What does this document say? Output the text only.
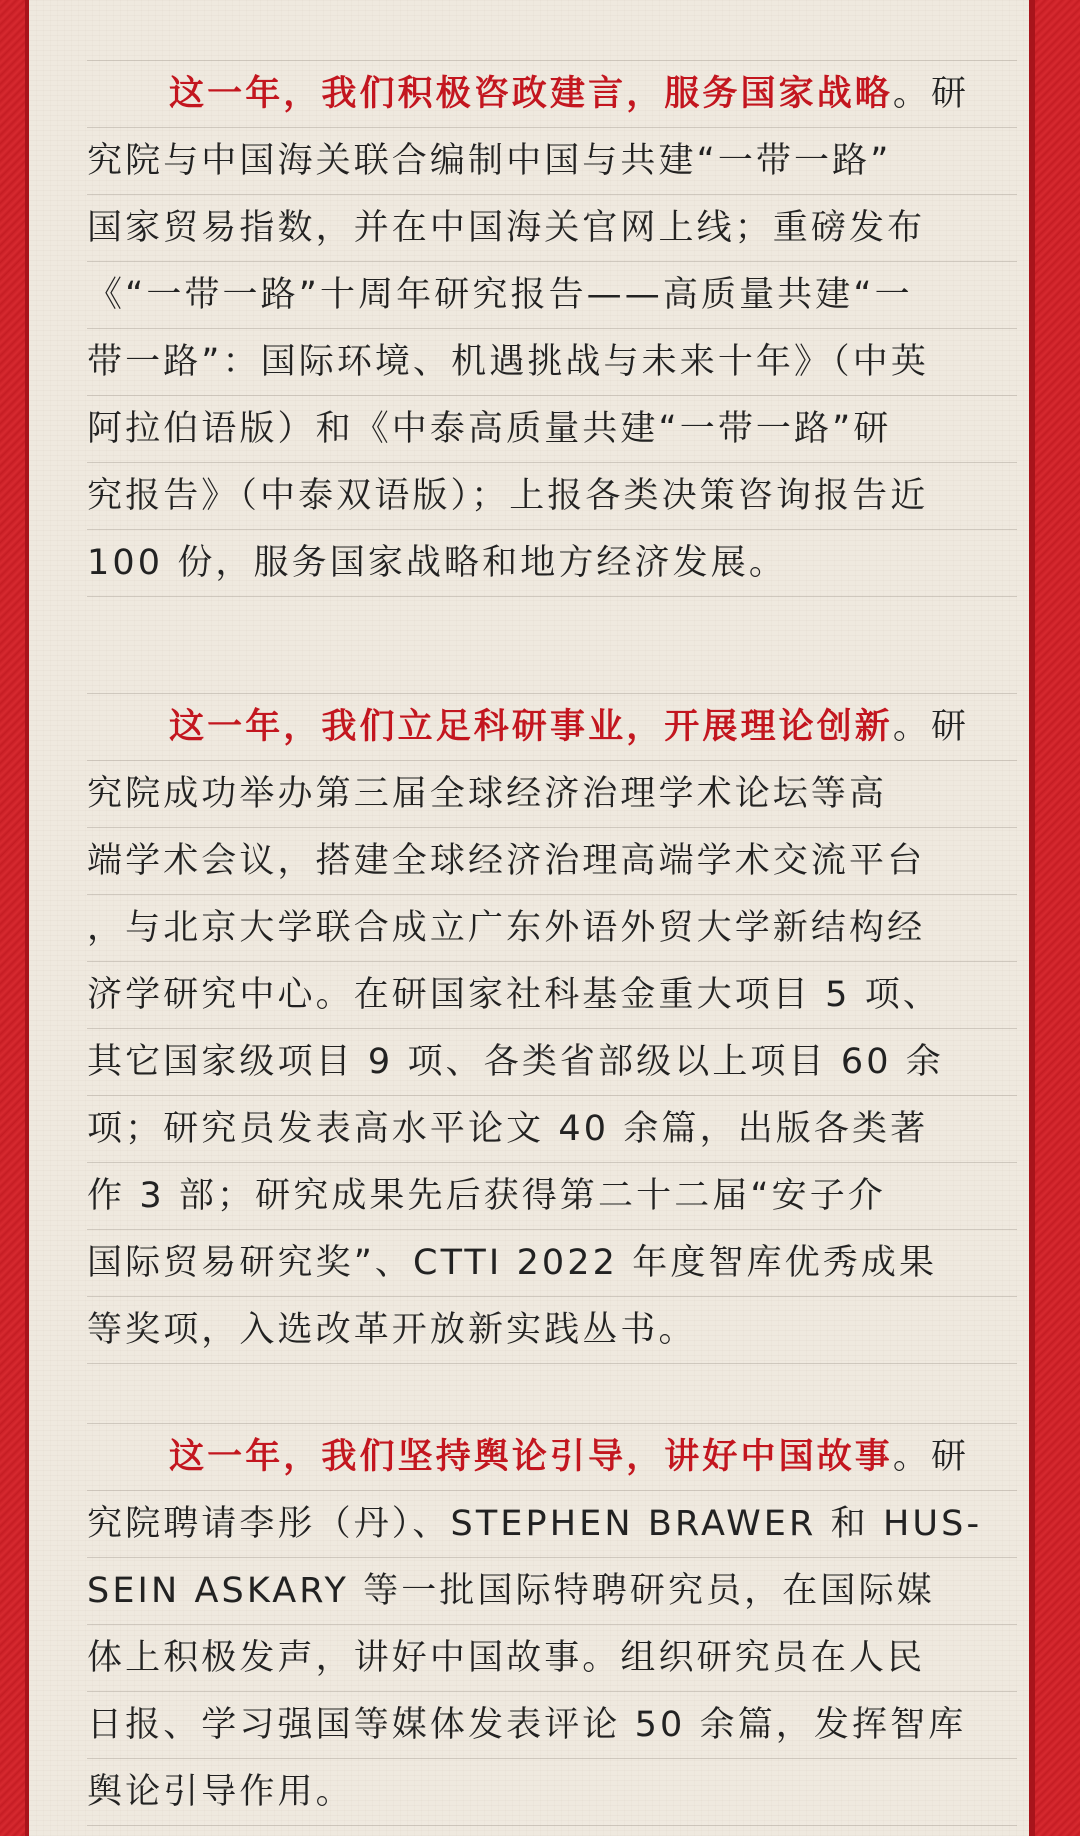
这一年，我们积极咨政建言，服务国家战略。研
究院与中国海关联合编制中国与共建“一带一路”
国家贸易指数，并在中国海关官网上线；重磅发布
《“一带一路”十周年研究报告——高质量共建“一
带一路”：国际环境、机遇挑战与未来十年》（中英
阿拉伯语版）和《中泰高质量共建“一带一路”研
究报告》（中泰双语版）；上报各类决策咨询报告近
100 份，服务国家战略和地方经济发展。
这一年，我们立足科研事业，开展理论创新。研
究院成功举办第三届全球经济治理学术论坛等高
端学术会议，搭建全球经济治理高端学术交流平台
，与北京大学联合成立广东外语外贸大学新结构经
济学研究中心。在研国家社科基金重大项目 5 项、
其它国家级项目 9 项、各类省部级以上项目 60 余
项；研究员发表高水平论文 40 余篇，出版各类著
作 3 部；研究成果先后获得第二十二届“安子介
国际贸易研究奖”、CTTI 2022 年度智库优秀成果
等奖项，入选改革开放新实践丛书。
这一年，我们坚持舆论引导，讲好中国故事。研
究院聘请李彤（丹）、STEPHEN BRAWER 和 HUS-
SEIN ASKARY 等一批国际特聘研究员，在国际媒
体上积极发声，讲好中国故事。组织研究员在人民
日报、学习强国等媒体发表评论 50 余篇，发挥智库
舆论引导作用。
